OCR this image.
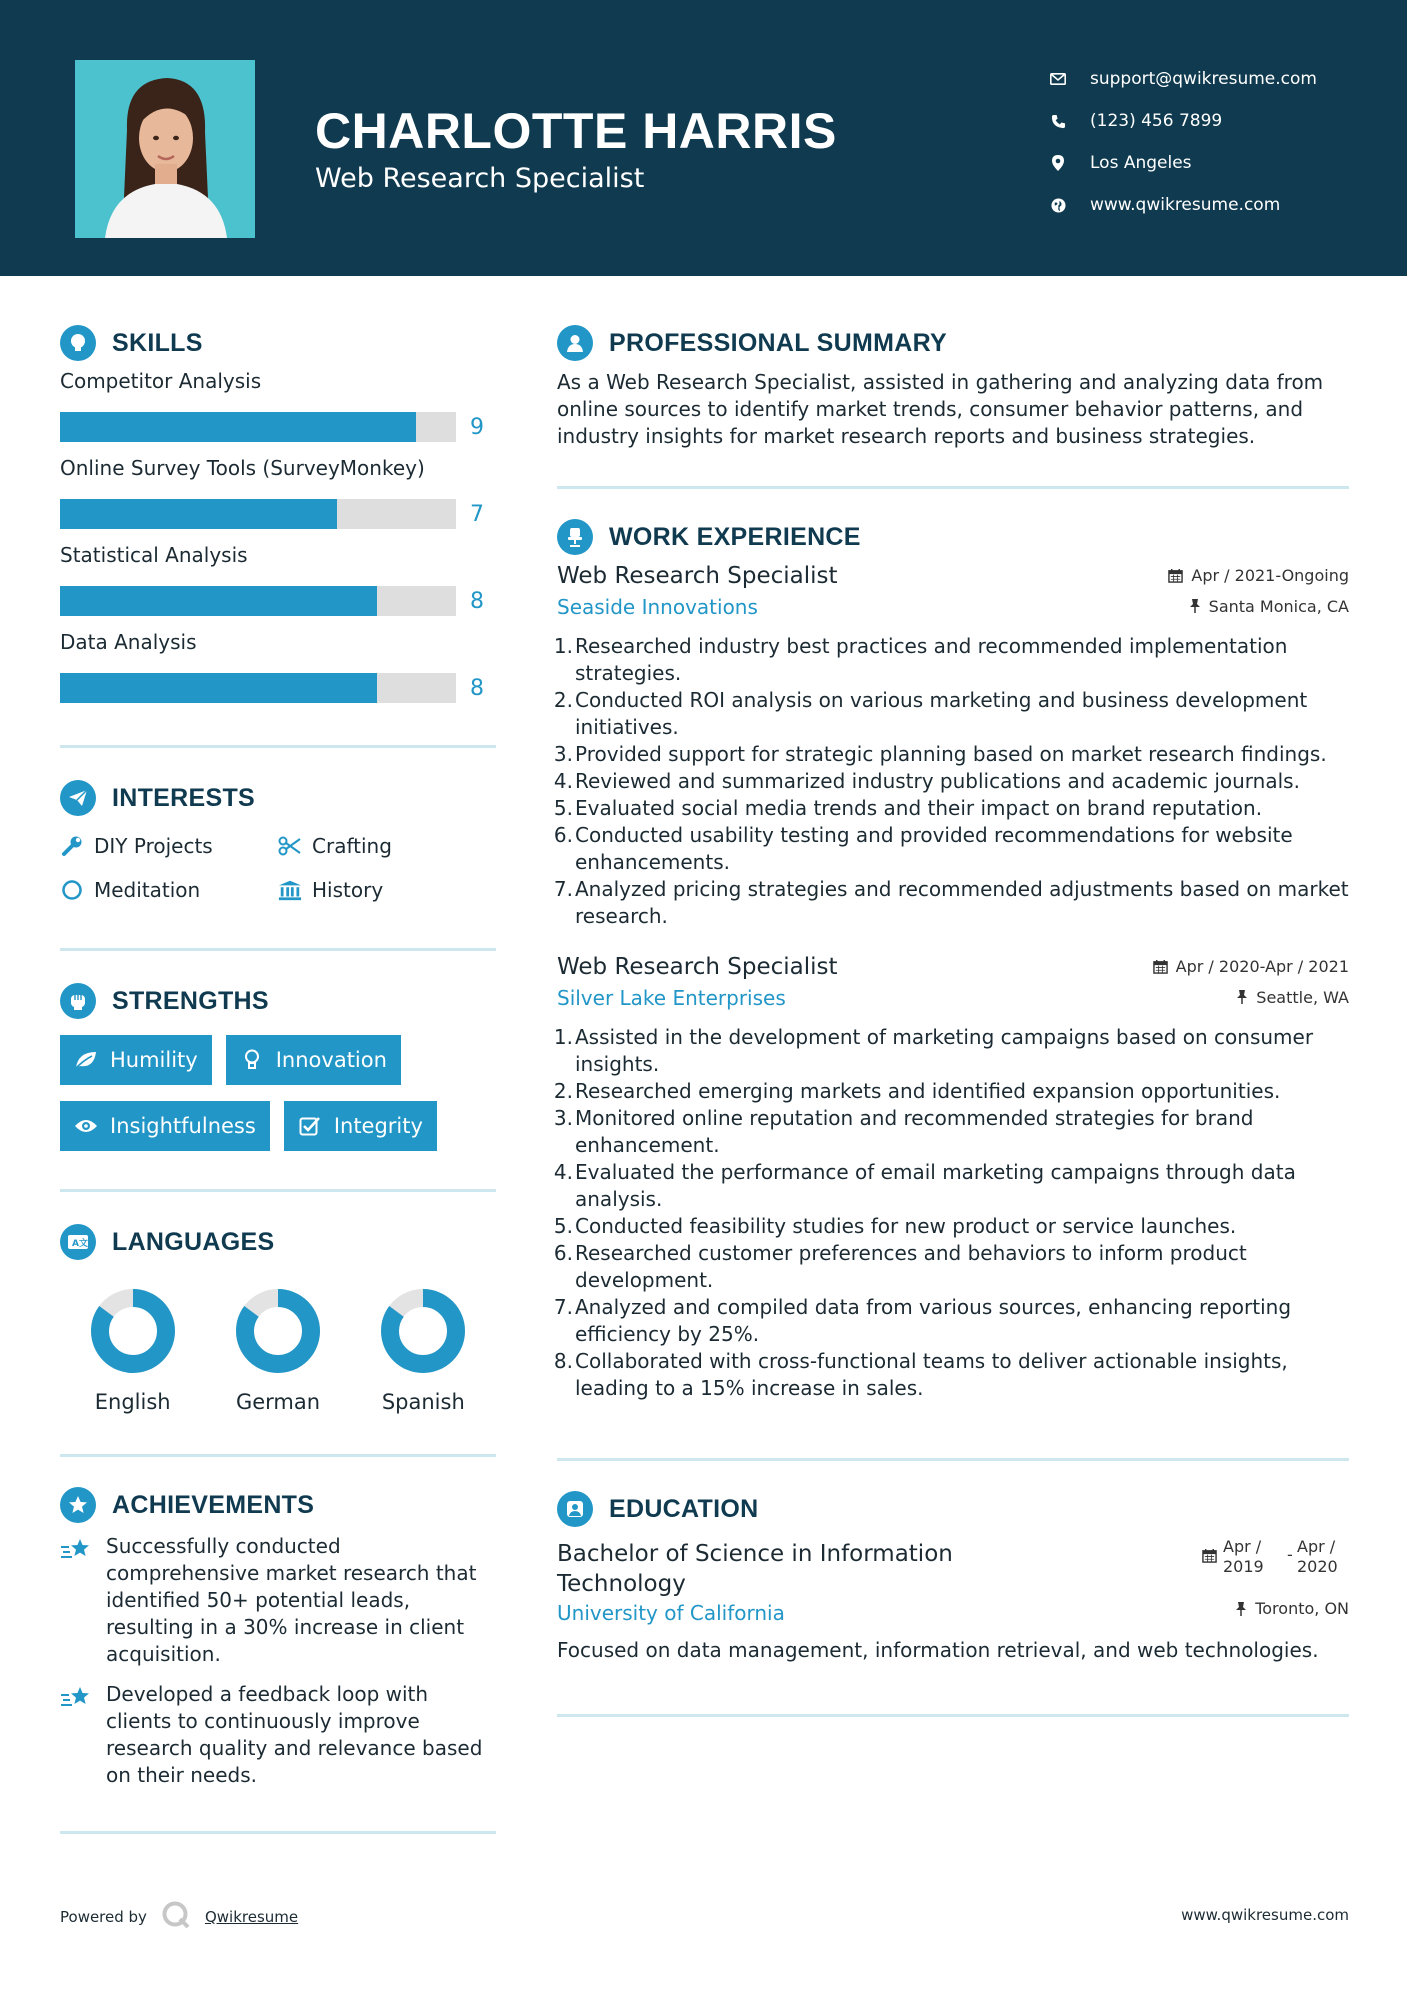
CHARLOTTE HARRIS
Web Research Specialist
support@qwikresume.com
(123) 456 7899
Los Angeles
www.qwikresume.com
SKILLS
Competitor Analysis
9
Online Survey Tools (SurveyMonkey)
7
Statistical Analysis
8
Data Analysis
8
INTERESTS
DIY Projects	Crafting
Meditation	History
STRENGTHS
Humility	Innovation
Insightfulness	Integrity
A文 LANGUAGES
English	German	Spanish
ACHIEVEMENTS
Successfully conducted comprehensive market research that identified 50+ potential leads, resulting in a 30% increase in client acquisition.
Developed a feedback loop with clients to continuously improve research quality and relevance based on their needs.
PROFESSIONAL SUMMARY
As a Web Research Specialist, assisted in gathering and analyzing data from online sources to identify market trends, consumer behavior patterns, and industry insights for market research reports and business strategies.
WORK EXPERIENCE
Web Research Specialist	Apr / 2021-Ongoing
Seaside Innovations	Santa Monica, CA
1. Researched industry best practices and recommended implementation strategies.
2. Conducted ROI analysis on various marketing and business development initiatives.
3. Provided support for strategic planning based on market research findings.
4. Reviewed and summarized industry publications and academic journals.
5. Evaluated social media trends and their impact on brand reputation.
6. Conducted usability testing and provided recommendations for website enhancements.
7. Analyzed pricing strategies and recommended adjustments based on market research.
Web Research Specialist	Apr / 2020-Apr / 2021
Silver Lake Enterprises	Seattle, WA
1. Assisted in the development of marketing campaigns based on consumer insights.
2. Researched emerging markets and identified expansion opportunities.
3. Monitored online reputation and recommended strategies for brand enhancement.
4. Evaluated the performance of email marketing campaigns through data analysis.
5. Conducted feasibility studies for new product or service launches.
6. Researched customer preferences and behaviors to inform product development.
7. Analyzed and compiled data from various sources, enhancing reporting efficiency by 25%.
8. Collaborated with cross-functional teams to deliver actionable insights, leading to a 15% increase in sales.
EDUCATION
Bachelor of Science in Information Technology
Apr / 2019
- Apr / 2020
Toronto, ON
University of California
Focused on data management, information retrieval, and web technologies.
Powered by	Qwikresume	www.qwikresume.com
